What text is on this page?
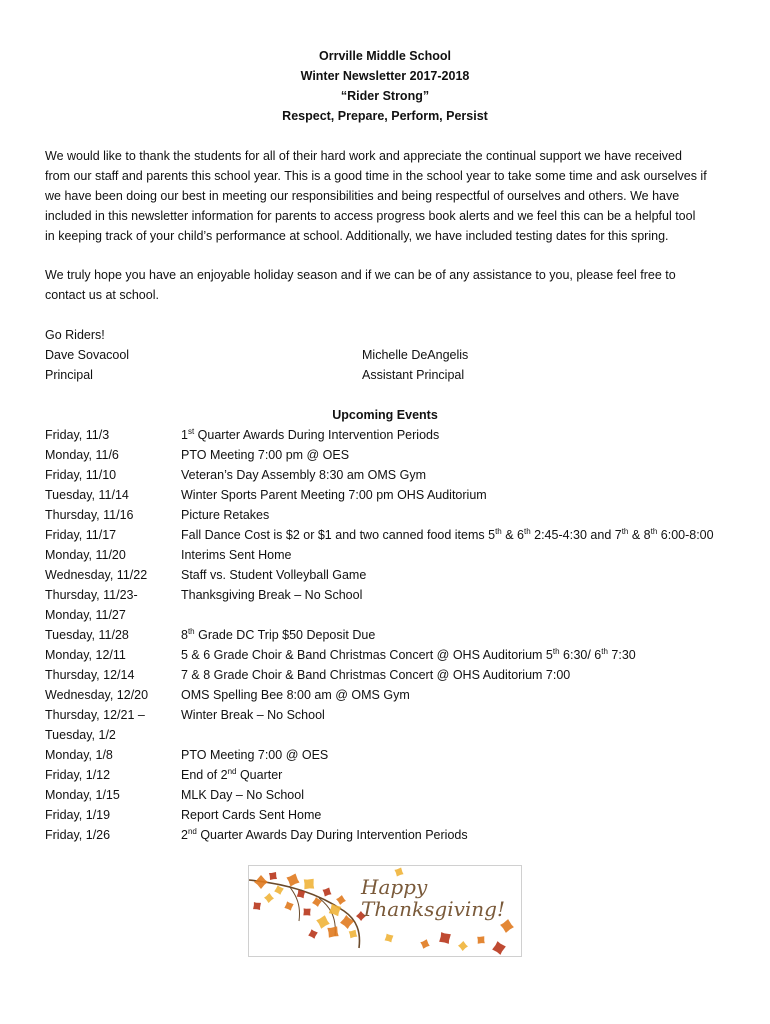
Orrville Middle School
Winter Newsletter 2017-2018
“Rider Strong”
Respect, Prepare, Perform, Persist
We would like to thank the students for all of their hard work and appreciate the continual support we have received
from our staff and parents this school year. This is a good time in the school year to take some time and ask ourselves if
we have been doing our best in meeting our responsibilities and being respectful of ourselves and others. We have
included in this newsletter information for parents to access progress book alerts and we feel this can be a helpful tool
in keeping track of your child’s performance at school. Additionally, we have included testing dates for this spring.
We truly hope you have an enjoyable holiday season and if we can be of any assistance to you, please feel free to
contact us at school.
Go Riders!
Dave Sovacool	Michelle DeAngelis
Principal	Assistant Principal
Upcoming Events
Friday, 11/3	1st Quarter Awards During Intervention Periods
Monday, 11/6	PTO Meeting 7:00 pm @ OES
Friday, 11/10	Veteran’s Day Assembly 8:30 am OMS Gym
Tuesday, 11/14	Winter Sports Parent Meeting 7:00 pm OHS Auditorium
Thursday, 11/16	Picture Retakes
Friday, 11/17	Fall Dance Cost is $2 or $1 and two canned food items 5th & 6th 2:45-4:30 and 7th & 8th 6:00-8:00
Monday, 11/20	Interims Sent Home
Wednesday, 11/22	Staff vs. Student Volleyball Game
Thursday, 11/23-	Thanksgiving Break – No School
Monday, 11/27
Tuesday, 11/28	8th Grade DC Trip $50 Deposit Due
Monday, 12/11	5 & 6 Grade Choir & Band Christmas Concert @ OHS Auditorium 5th 6:30/ 6th 7:30
Thursday, 12/14	7 & 8 Grade Choir & Band Christmas Concert @ OHS Auditorium 7:00
Wednesday, 12/20	OMS Spelling Bee 8:00 am @ OMS Gym
Thursday, 12/21 –	Winter Break – No School
Tuesday, 1/2
Monday, 1/8	PTO Meeting 7:00 @ OES
Friday, 1/12	End of 2nd Quarter
Monday, 1/15	MLK Day – No School
Friday, 1/19	Report Cards Sent Home
Friday, 1/26	2nd Quarter Awards Day During Intervention Periods
Happy
Thanksgiving!
